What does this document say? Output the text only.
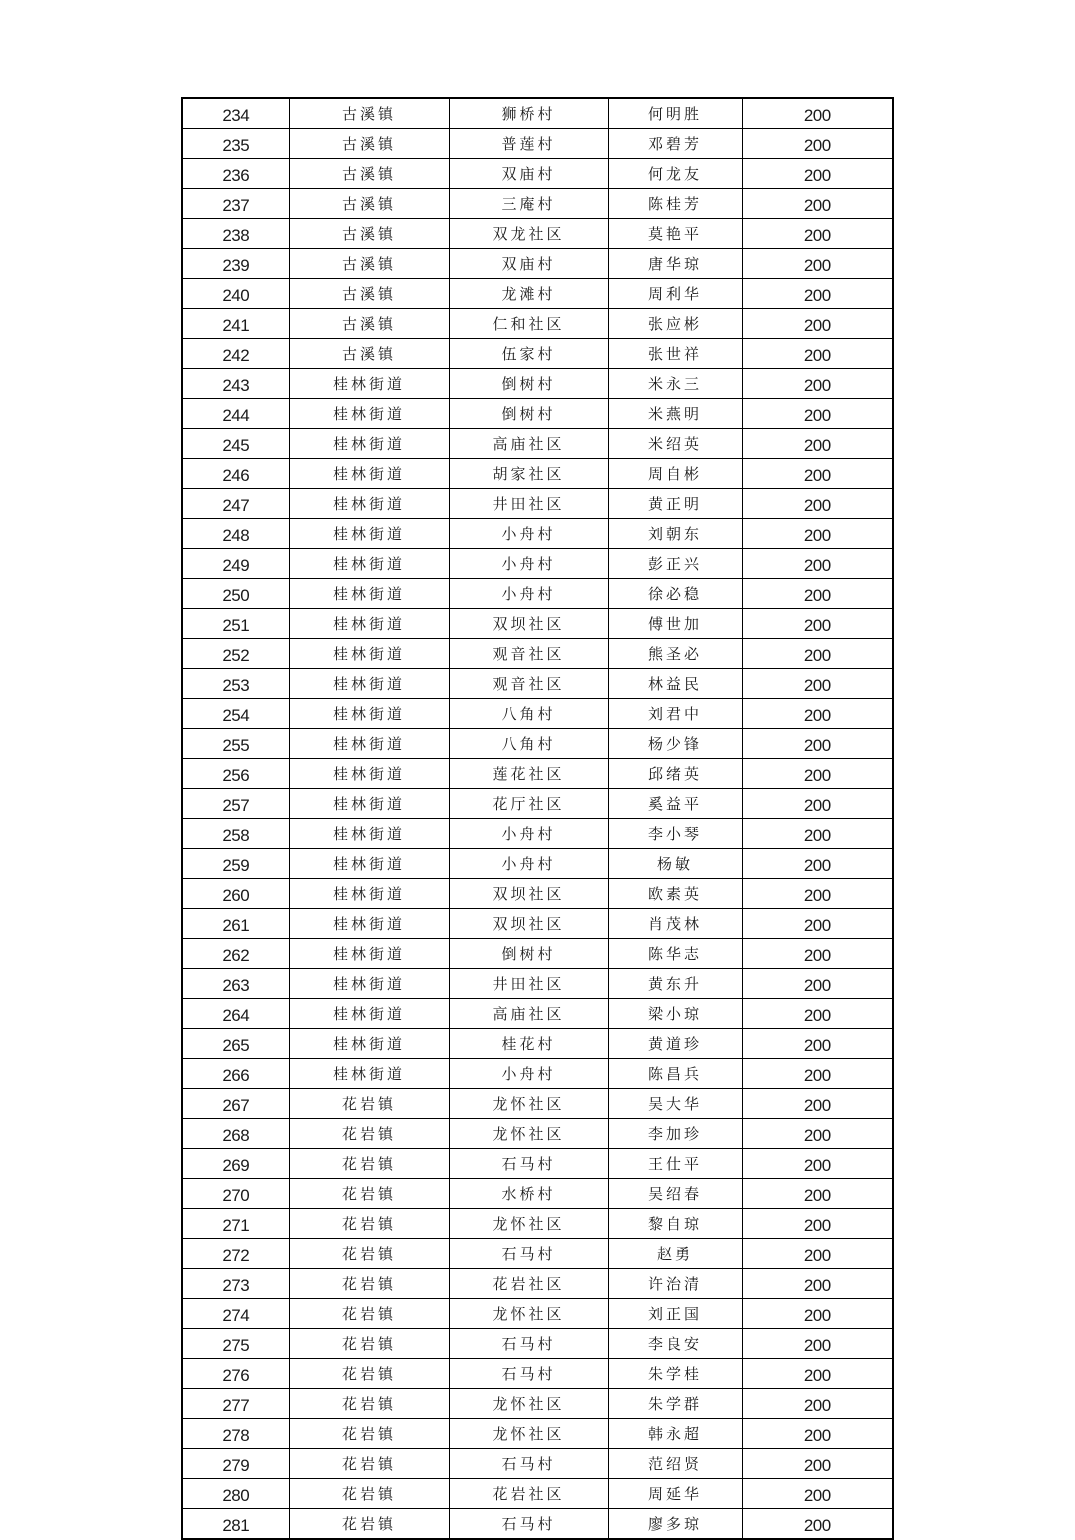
234	古溪镇	狮桥村	何明胜	200
235	古溪镇	普莲村	邓碧芳	200
236	古溪镇	双庙村	何龙友	200
237	古溪镇	三庵村	陈桂芳	200
238	古溪镇	双龙社区	莫艳平	200
239	古溪镇	双庙村	唐华琼	200
240	古溪镇	龙滩村	周利华	200
241	古溪镇	仁和社区	张应彬	200
242	古溪镇	伍家村	张世祥	200
243	桂林街道	倒树村	米永三	200
244	桂林街道	倒树村	米燕明	200
245	桂林街道	高庙社区	米绍英	200
246	桂林街道	胡家社区	周自彬	200
247	桂林街道	井田社区	黄正明	200
248	桂林街道	小舟村	刘朝东	200
249	桂林街道	小舟村	彭正兴	200
250	桂林街道	小舟村	徐必稳	200
251	桂林街道	双坝社区	傅世加	200
252	桂林街道	观音社区	熊圣必	200
253	桂林街道	观音社区	林益民	200
254	桂林街道	八角村	刘君中	200
255	桂林街道	八角村	杨少锋	200
256	桂林街道	莲花社区	邱绪英	200
257	桂林街道	花厅社区	奚益平	200
258	桂林街道	小舟村	李小琴	200
259	桂林街道	小舟村	杨敏	200
260	桂林街道	双坝社区	欧素英	200
261	桂林街道	双坝社区	肖茂林	200
262	桂林街道	倒树村	陈华志	200
263	桂林街道	井田社区	黄东升	200
264	桂林街道	高庙社区	梁小琼	200
265	桂林街道	桂花村	黄道珍	200
266	桂林街道	小舟村	陈昌兵	200
267	花岩镇	龙怀社区	吴大华	200
268	花岩镇	龙怀社区	李加珍	200
269	花岩镇	石马村	王仕平	200
270	花岩镇	水桥村	吴绍春	200
271	花岩镇	龙怀社区	黎自琼	200
272	花岩镇	石马村	赵勇	200
273	花岩镇	花岩社区	许治清	200
274	花岩镇	龙怀社区	刘正国	200
275	花岩镇	石马村	李良安	200
276	花岩镇	石马村	朱学桂	200
277	花岩镇	龙怀社区	朱学群	200
278	花岩镇	龙怀社区	韩永超	200
279	花岩镇	石马村	范绍贤	200
280	花岩镇	花岩社区	周延华	200
281	花岩镇	石马村	廖多琼	200
